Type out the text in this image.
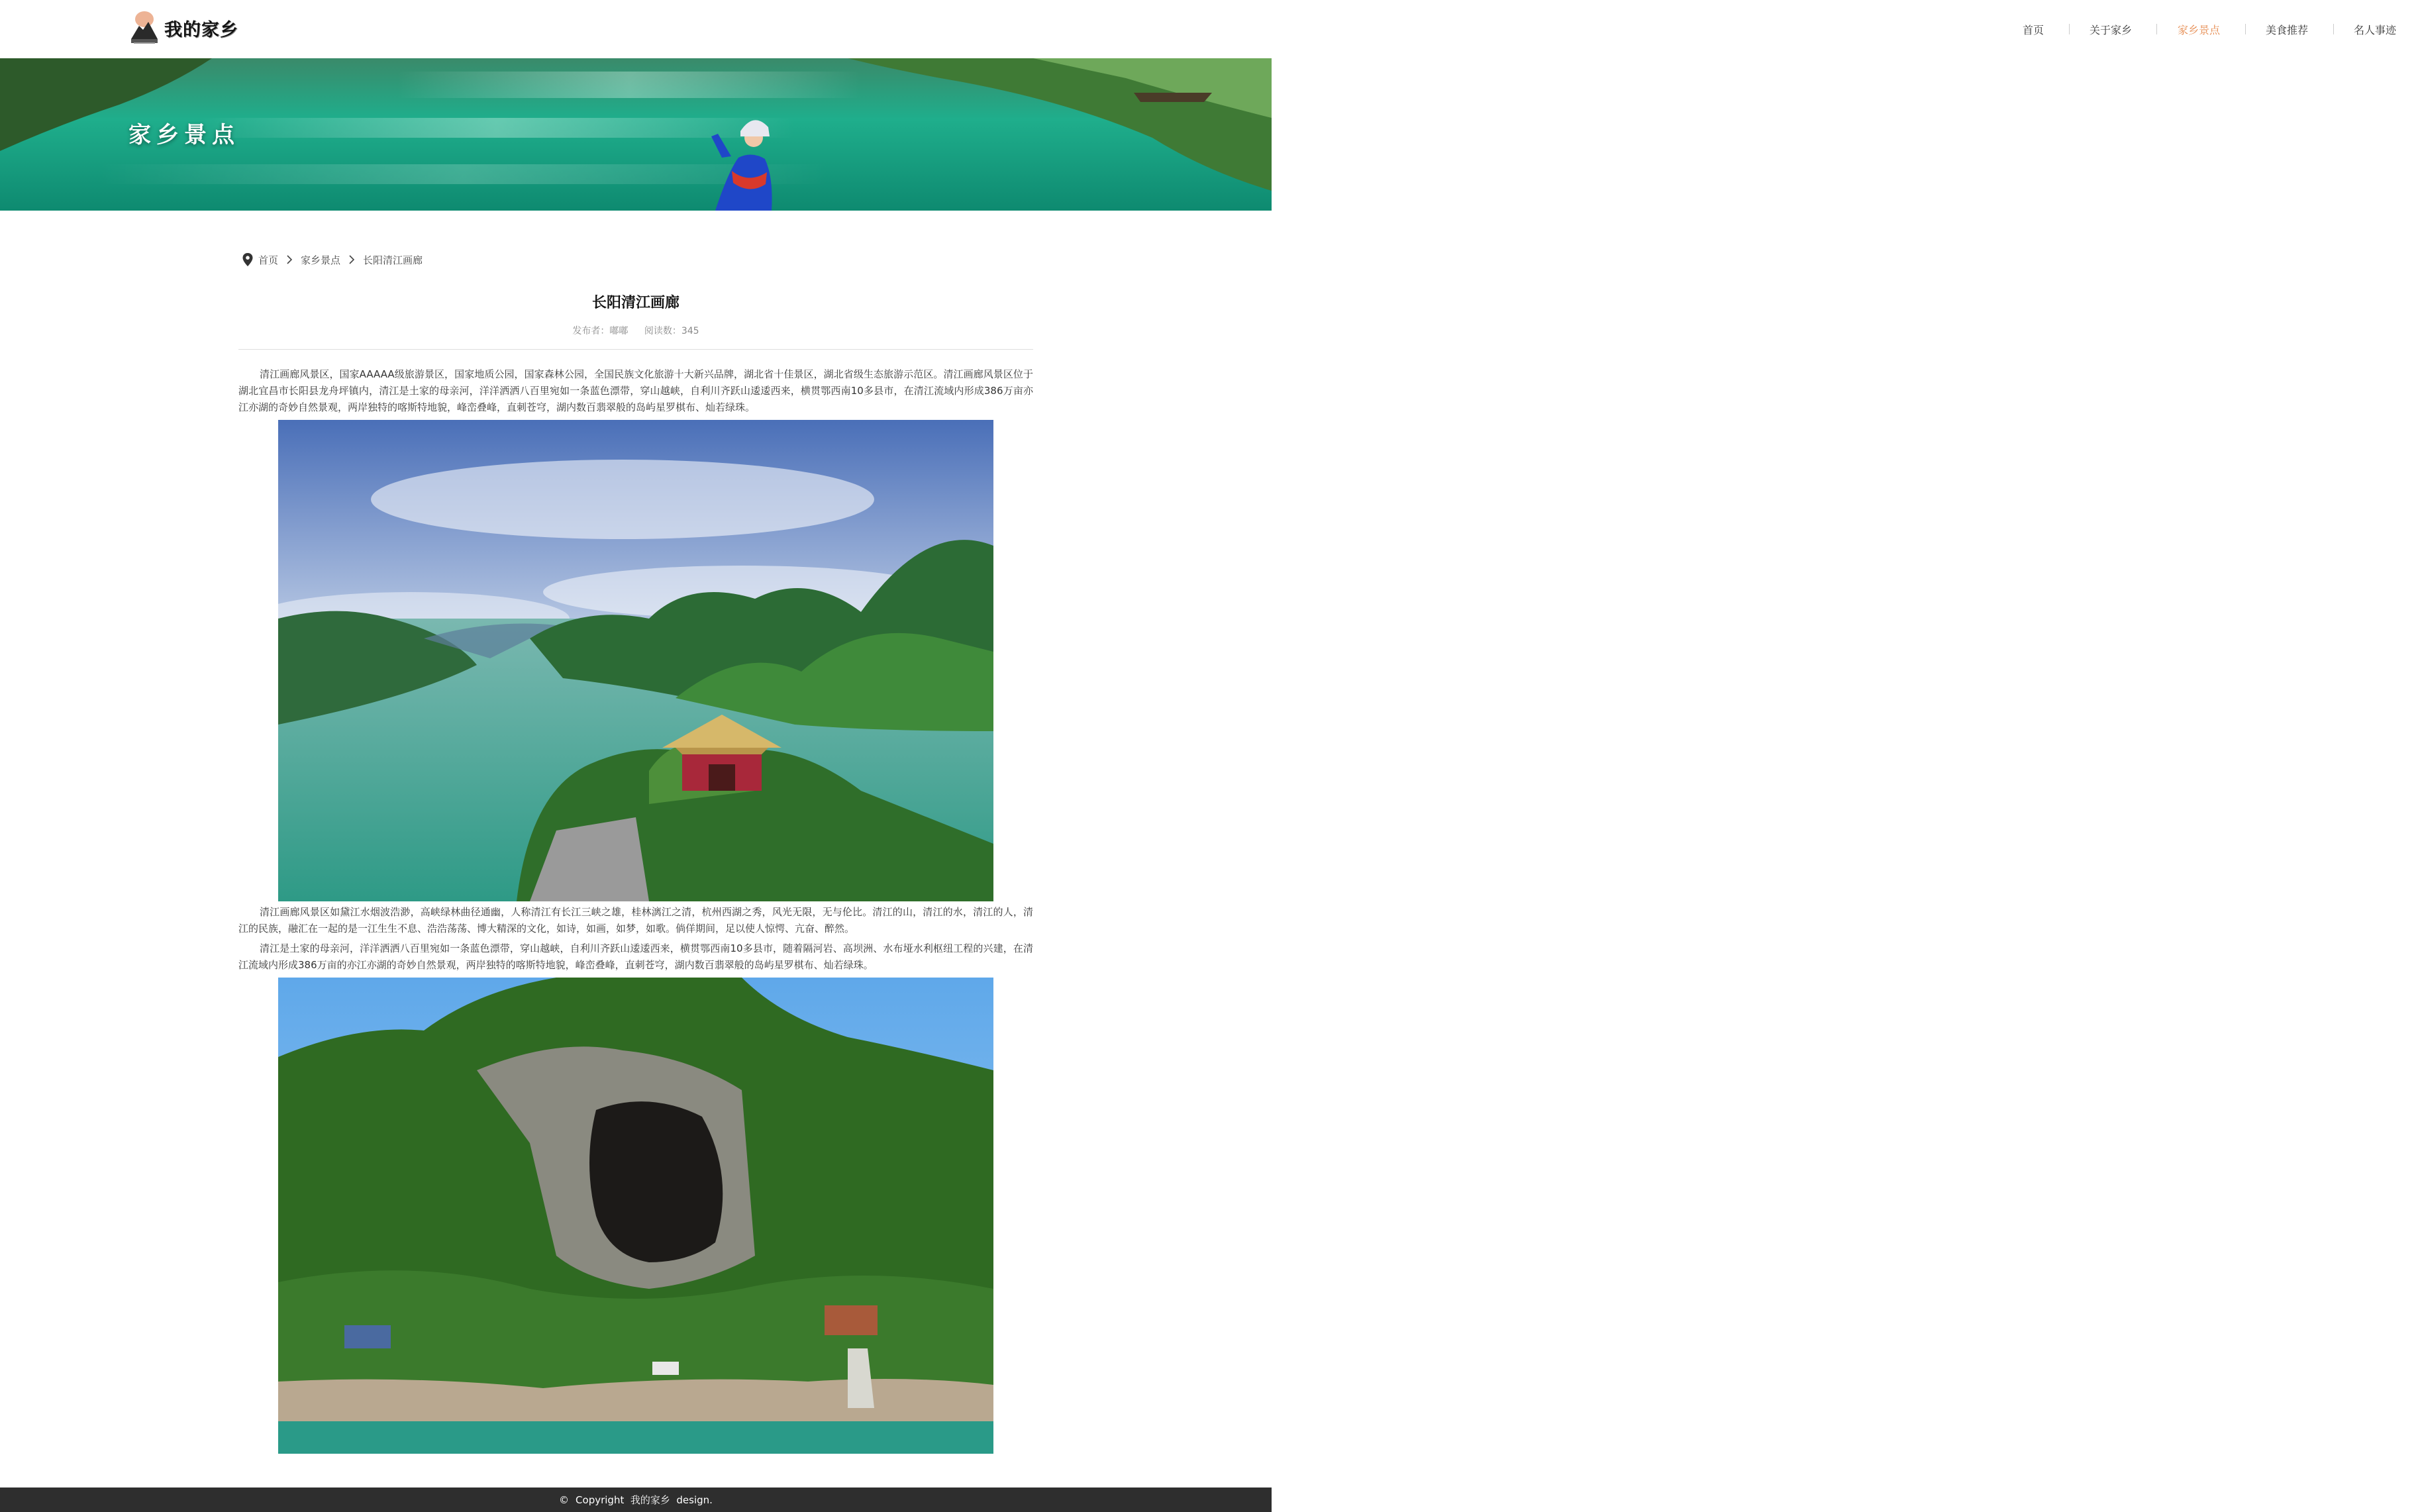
我的家乡	首页	关于家乡	家乡景点	美食推荐	名人事迹
家乡景点
首页 家乡景点 长阳清江画廊
长阳清江画廊
发布者：嘟嘟 阅读数：345

清江画廊风景区，国家AAAAA级旅游景区，国家地质公园，国家森林公园，全国民族文化旅游十大新兴品牌，湖北省十佳景区，湖北省级生态旅游示范区。清江画廊风景区位于湖北宜昌市长阳县龙舟坪镇内，清江是土家的母亲河，洋洋洒洒八百里宛如一条蓝色漂带，穿山越峡，自利川齐跃山逶逶西来，横贯鄂西南10多县市，在清江流域内形成386万亩亦江亦湖的奇妙自然景观，两岸独特的喀斯特地貌，峰峦叠峰，直刺苍穹，湖内数百翡翠般的岛屿星罗棋布、灿若绿珠。

清江画廊风景区如黛江水烟波浩渺，高峡绿林曲径通幽，人称清江有长江三峡之雄，桂林漓江之清，杭州西湖之秀，风光无限，无与伦比。清江的山，清江的水，清江的人，清江的民族，融汇在一起的是一江生生不息、浩浩荡荡、博大精深的文化，如诗，如画，如梦，如歌。倘佯期间，足以使人惊愕、亢奋、醉然。

清江是土家的母亲河，洋洋洒洒八百里宛如一条蓝色漂带，穿山越峡，自利川齐跃山逶逶西来，横贯鄂西南10多县市，随着隔河岩、高坝洲、水布垭水利枢纽工程的兴建，在清江流域内形成386万亩的亦江亦湖的奇妙自然景观，两岸独特的喀斯特地貌，峰峦叠峰，直刺苍穹，湖内数百翡翠般的岛屿星罗棋布、灿若绿珠。

© Copyright  我的家乡  design.
